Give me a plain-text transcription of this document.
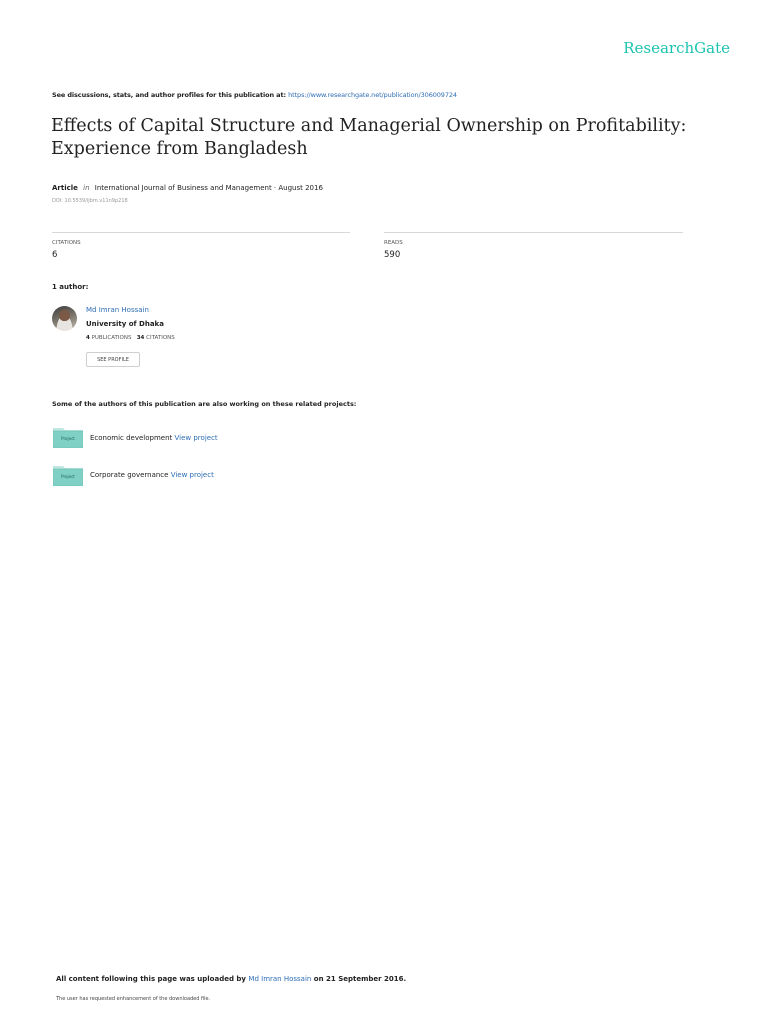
ResearchGate
See discussions, stats, and author profiles for this publication at: https://www.researchgate.net/publication/306009724
Effects of Capital Structure and Managerial Ownership on Profitability: Experience from Bangladesh
Article in International Journal of Business and Management · August 2016
DOI: 10.5539/ijbm.v11n9p218
CITATIONS
6
READS
590
1 author:
Md Imran Hossain
University of Dhaka
4 PUBLICATIONS 34 CITATIONS
SEE PROFILE
Some of the authors of this publication are also working on these related projects:
Project	Economic development View project
Project	Corporate governance View project
All content following this page was uploaded by Md Imran Hossain on 21 September 2016.
The user has requested enhancement of the downloaded file.
